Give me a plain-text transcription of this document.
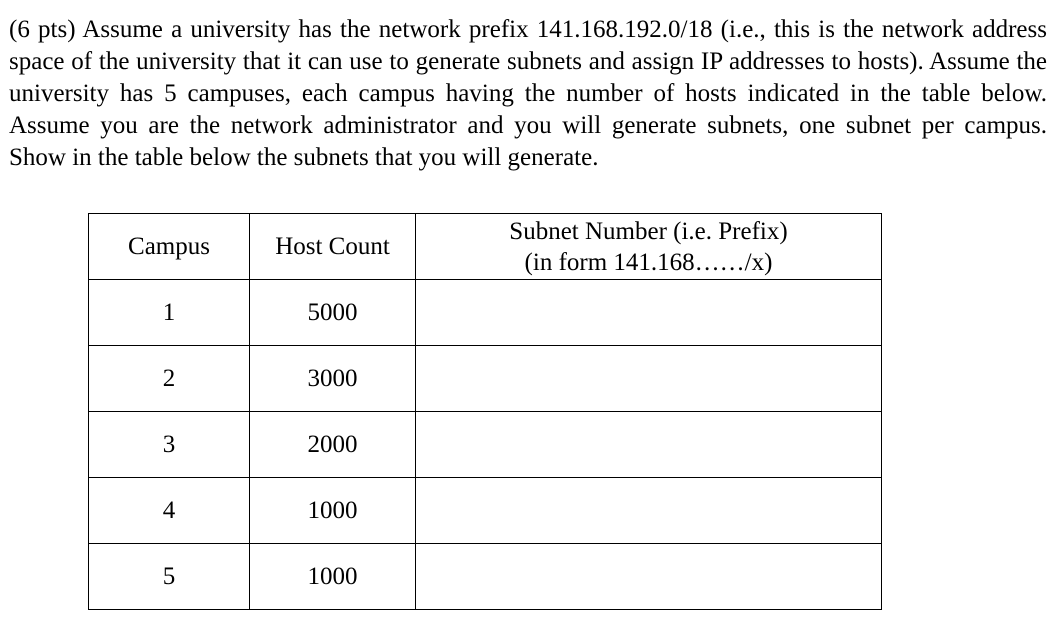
(6 pts) Assume a university has the network prefix 141.168.192.0/18 (i.e., this is the network address space of the university that it can use to generate subnets and assign IP addresses to hosts). Assume the university has 5 campuses, each campus having the number of hosts indicated in the table below. Assume you are the network administrator and you will generate subnets, one subnet per campus. Show in the table below the subnets that you will generate.

Campus	Host Count	Subnet Number (i.e. Prefix)
(in form 141.168……/x)

1	5000	
2	3000	
3	2000	
4	1000	
5	1000	
